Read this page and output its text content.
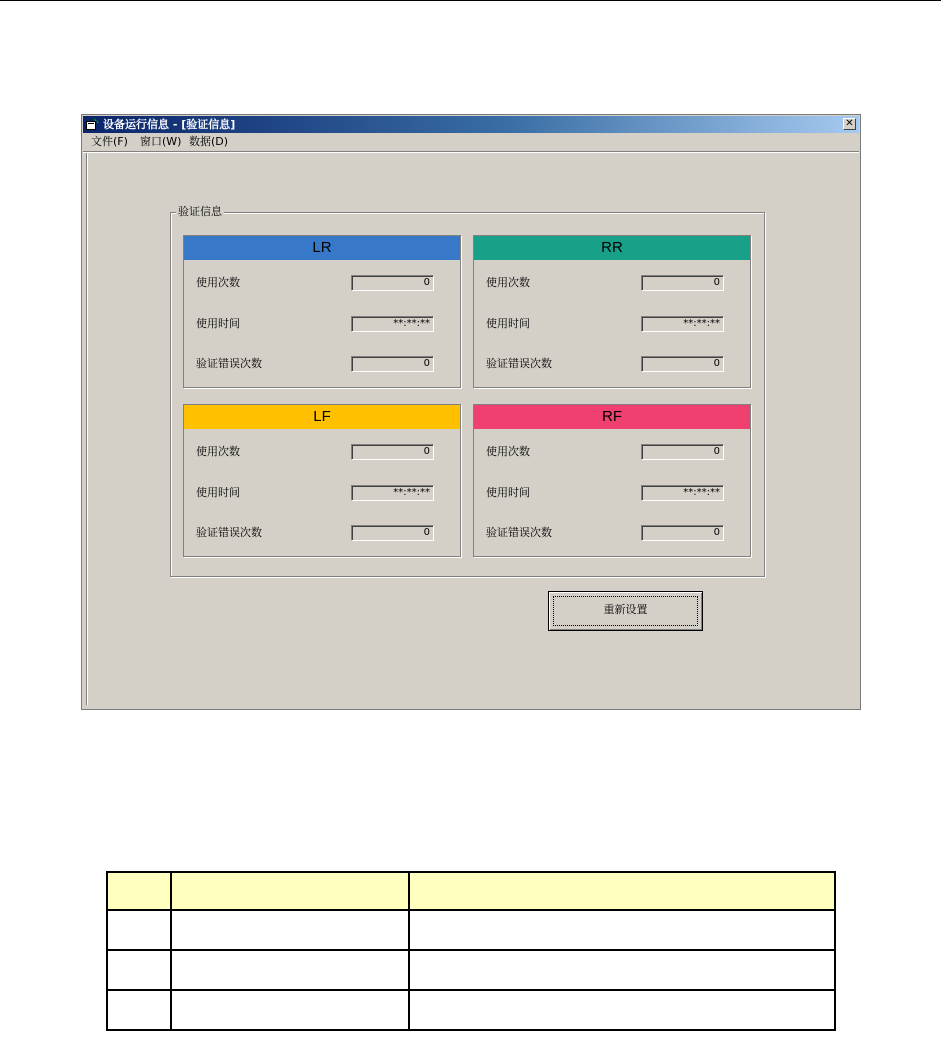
设备运行信息 - [验证信息]	✕
文件(F) 窗口(W) 数据(D)
验证信息
LR
使用次数	0
使用时间	**:**:**
验证错误次数	0
RR
使用次数	0
使用时间	**:**:**
验证错误次数	0
LF
使用次数	0
使用时间	**:**:**
验证错误次数	0
RF
使用次数	0
使用时间	**:**:**
验证错误次数	0
重新设置
